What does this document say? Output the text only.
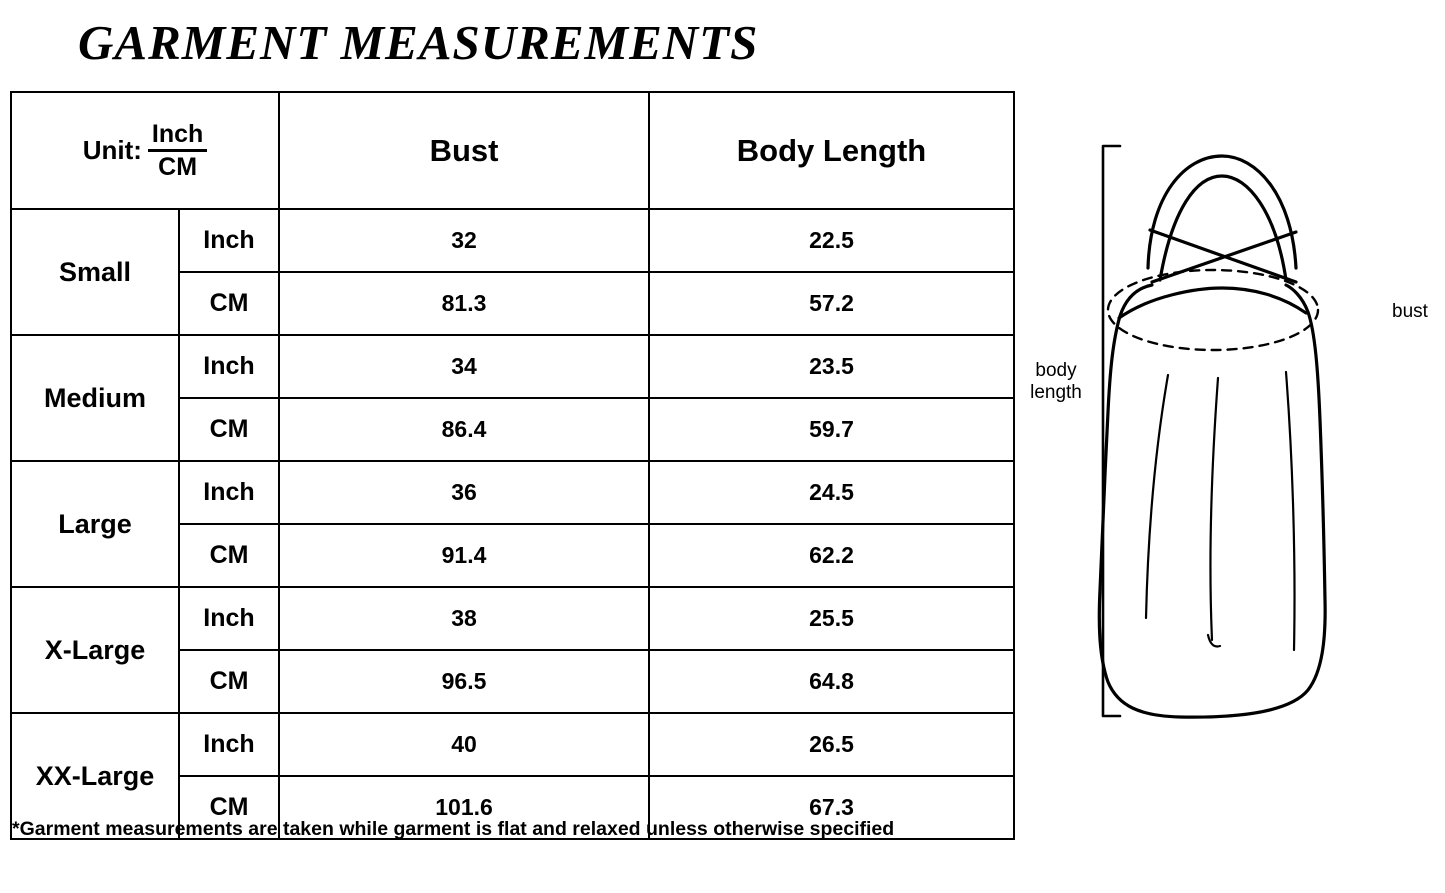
GARMENT MEASUREMENTS
Unit: $\frac{\text{Inch}}{CM}$		Bust	Body Length
Small	Inch	32	22.5
	CM	81.3	57.2
Medium	Inch	34	23.5
	CM	86.4	59.7
Large	Inch	36	24.5
	CM	91.4	62.2
X-Large	Inch	38	25.5
	CM	96.5	64.8
XX-Large	Inch	40	26.5
	CM	101.6	67.3
*Garment measurements are taken while garment is flat and relaxed unless otherwise specified
bust
body
length
